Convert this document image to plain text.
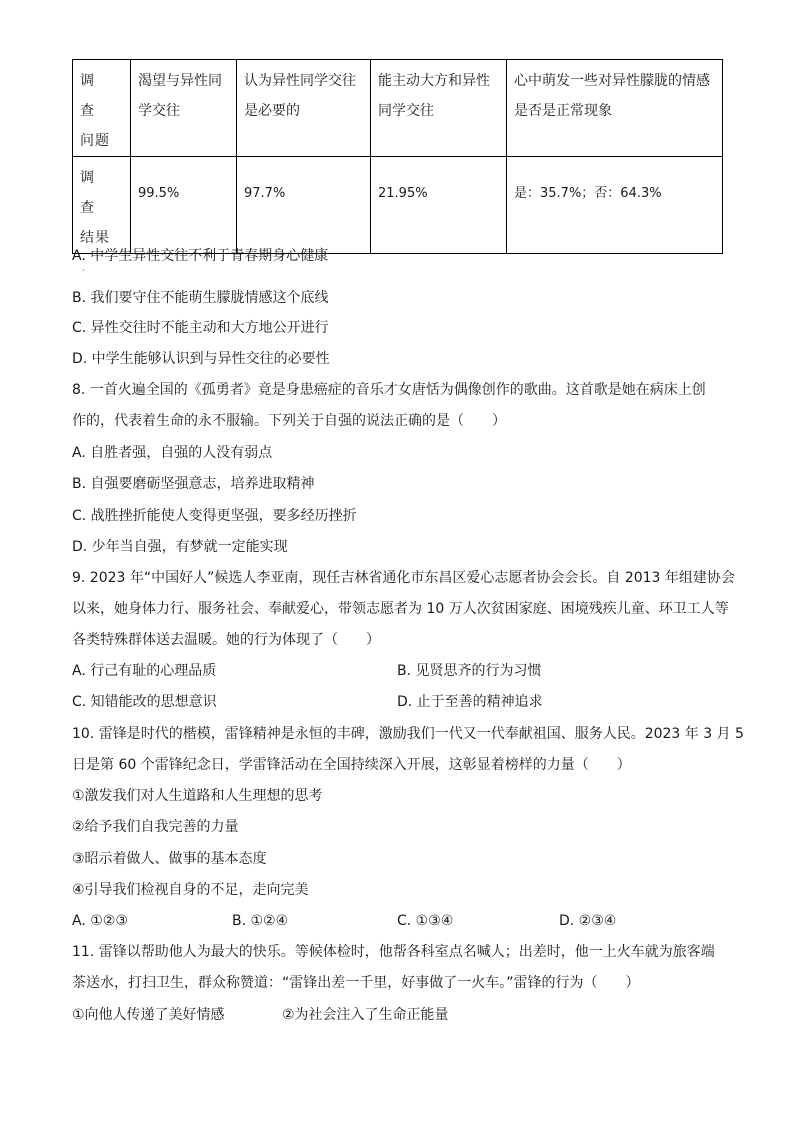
调　查
问题	渴望与异性同学交往	认为异性同学交往是必要的	能主动大方和异性同学交往	心中萌发一些对异性朦胧的情感是否是正常现象
调　查
结果	99.5%	97.7%	21.95%	是：35.7%；否：64.3%
A. 中学生异性交往不利于青春期身心健康
·
B. 我们要守住不能萌生朦胧情感这个底线
C. 异性交往时不能主动和大方地公开进行
D. 中学生能够认识到与异性交往的必要性
8. 一首火遍全国的《孤勇者》竟是身患癌症的音乐才女唐恬为偶像创作的歌曲。这首歌是她在病床上创
作的，代表着生命的永不服输。下列关于自强的说法正确的是（　　）
A. 自胜者强，自强的人没有弱点
B. 自强要磨砺坚强意志，培养进取精神
C. 战胜挫折能使人变得更坚强，要多经历挫折
D. 少年当自强，有梦就一定能实现
9. 2023 年“中国好人”候选人李亚南，现任吉林省通化市东昌区爱心志愿者协会会长。自 2013 年组建协会
以来，她身体力行、服务社会、奉献爱心，带领志愿者为 10 万人次贫困家庭、困境残疾儿童、环卫工人等
各类特殊群体送去温暖。她的行为体现了（　　）
A. 行己有耻的心理品质	B. 见贤思齐的行为习惯
C. 知错能改的思想意识	D. 止于至善的精神追求
10. 雷锋是时代的楷模，雷锋精神是永恒的丰碑，激励我们一代又一代奉献祖国、服务人民。2023 年 3 月 5
日是第 60 个雷锋纪念日，学雷锋活动在全国持续深入开展，这彰显着榜样的力量（　　）
①激发我们对人生道路和人生理想的思考
②给予我们自我完善的力量
③昭示着做人、做事的基本态度
④引导我们检视自身的不足，走向完美
A. ①②③	B. ①②④	C. ①③④	D. ②③④
11. 雷锋以帮助他人为最大的快乐。等候体检时，他帮各科室点名喊人；出差时，他一上火车就为旅客端
茶送水，打扫卫生，群众称赞道：“雷锋出差一千里，好事做了一火车。”雷锋的行为（　　）
①向他人传递了美好情感	②为社会注入了生命正能量
